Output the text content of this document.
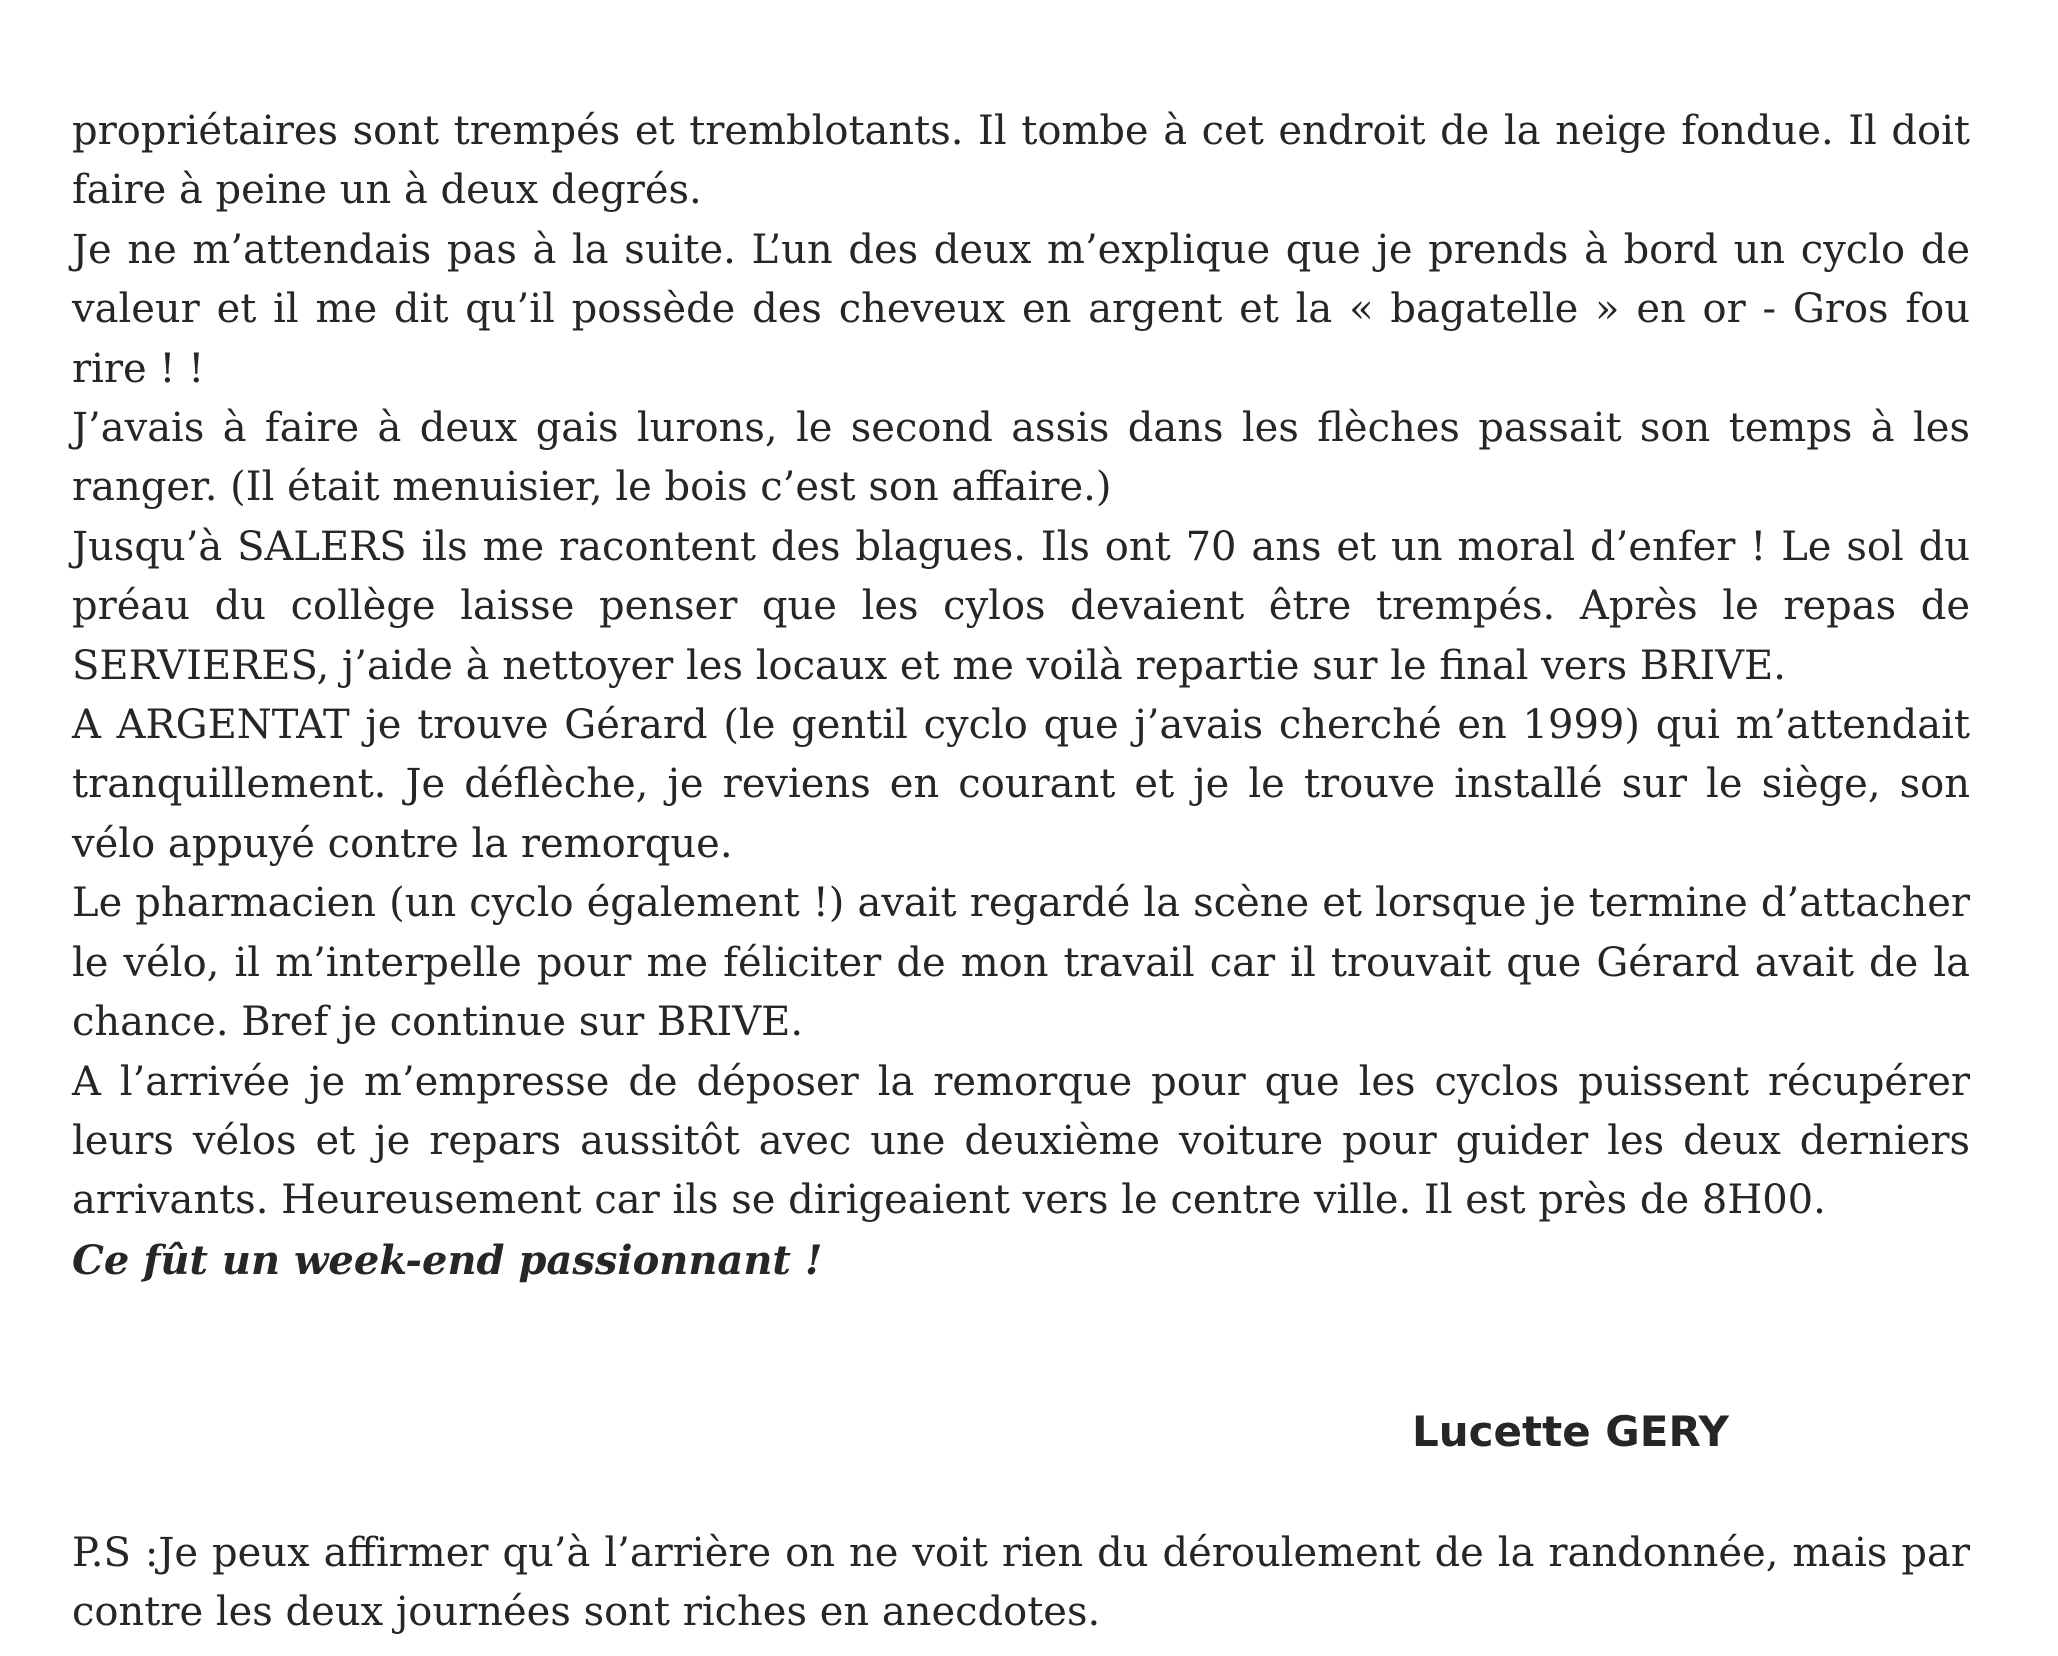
propriétaires sont trempés et tremblotants. Il tombe à cet endroit de la neige fondue. Il doit faire à peine un à deux degrés.

Je ne m’attendais pas à la suite. L’un des deux m’explique que je prends à bord un cyclo de valeur et il me dit qu’il possède des cheveux en argent et la « bagatelle » en or - Gros fou rire ! !

J’avais à faire à deux gais lurons, le second assis dans les flèches passait son temps à les ranger. (Il était menuisier, le bois c’est son affaire.)

Jusqu’à SALERS ils me racontent des blagues. Ils ont 70 ans et un moral d’enfer ! Le sol du préau du collège laisse penser que les cylos devaient être trempés. Après le repas de SERVIERES, j’aide à nettoyer les locaux et me voilà repartie sur le final vers BRIVE.

A ARGENTAT je trouve Gérard (le gentil cyclo que j’avais cherché en 1999) qui m’attendait tranquillement. Je déflèche, je reviens en courant et je le trouve installé sur le siège, son vélo appuyé contre la remorque.

Le pharmacien (un cyclo également !) avait regardé la scène et lorsque je termine d’attacher le vélo, il m’interpelle pour me féliciter de mon travail car il trouvait que Gérard avait de la chance. Bref je continue sur BRIVE.

A l’arrivée je m’empresse de déposer la remorque pour que les cyclos puissent récupérer leurs vélos et je repars aussitôt avec une deuxième voiture pour guider les deux derniers arrivants. Heureusement car ils se dirigeaient vers le centre ville. Il est près de 8H00.

Ce fût un week-end passionnant !

Lucette GERY

P.S :Je peux affirmer qu’à l’arrière on ne voit rien du déroulement de la randonnée, mais par contre les deux journées sont riches en anecdotes.
